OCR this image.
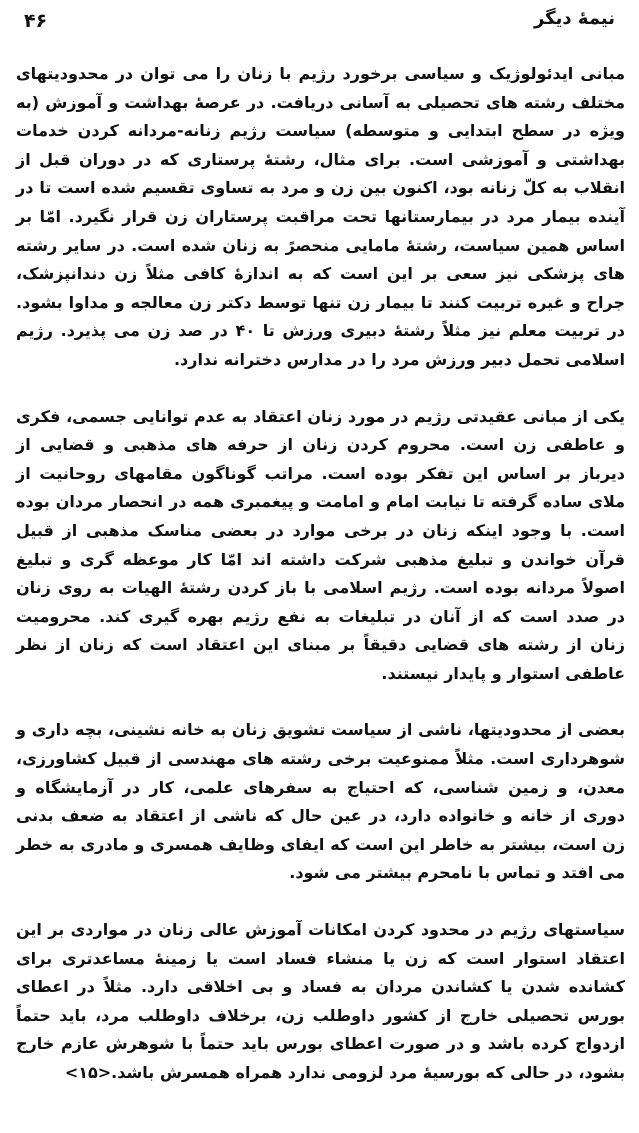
۴۶	نیمهٔ دیگر

مبانی ایدئولوژیک و سیاسی برخورد رژیم با زنان را می توان در محدودیتهای مختلف رشته های تحصیلی به آسانی دریافت. در عرصهٔ بهداشت و آموزش (به ویژه در سطح ابتدایی و متوسطه) سیاست رژیم زنانه-مردانه کردن خدمات بهداشتی و آموزشی است. برای مثال، رشتهٔ پرستاری که در دوران قبل از انقلاب به کلّ زنانه بود، اکنون بین زن و مرد به تساوی تقسیم شده است تا در آینده بیمار مرد در بیمارستانها تحت مراقبت پرستاران زن قرار نگیرد. امّا بر اساس همین سیاست، رشتهٔ مامایی منحصرً به زنان شده است. در سایر رشته های پزشکی نیز سعی بر این است که به اندازهٔ کافی مثلاً زن دندانپزشک، جراح و غیره تربیت کنند تا بیمار زن تنها توسط دکتر زن معالجه و مداوا بشود. در تربیت معلم نیز مثلاً رشتهٔ دبیری ورزش تا ۴۰ در صد زن می پذیرد. رژیم اسلامی تحمل دبیر ورزش مرد را در مدارس دخترانه ندارد.

یکی از مبانی عقیدتی رژیم در مورد زنان اعتقاد به عدم توانایی جسمی، فکری و عاطفی زن است. محروم کردن زنان از حرفه های مذهبی و قضایی از دیرباز بر اساس این تفکر بوده است. مراتب گوناگون مقامهای روحانیت از ملای ساده گرفته تا نیابت امام و امامت و پیغمبری همه در انحصار مردان بوده است. با وجود اینکه زنان در برخی موارد در بعضی مناسک مذهبی از قبیل قرآن خواندن و تبلیغ مذهبی شرکت داشته اند امّا کار موعظه گری و تبلیغ اصولاً مردانه بوده است. رژیم اسلامی با باز کردن رشتهٔ الهیات به روی زنان در صدد است که از آنان در تبلیغات به نفع رژیم بهره گیری کند. محرومیت زنان از رشته های قضایی دقیقاً بر مبنای این اعتقاد است که زنان از نظر عاطفی استوار و پایدار نیستند.

بعضی از محدودیتها، ناشی از سیاست تشویق زنان به خانه نشینی، بچه داری و شوهرداری است. مثلاً ممنوعیت برخی رشته های مهندسی از قبیل کشاورزی، معدن، و زمین شناسی، که احتیاج به سفرهای علمی، کار در آزمایشگاه و دوری از خانه و خانواده دارد، در عین حال که ناشی از اعتقاد به ضعف بدنی زن است، بیشتر به خاطر این است که ایفای وظایف همسری و مادری به خطر می افتد و تماس با نامحرم بیشتر می شود.

سیاستهای رژیم در محدود کردن امکانات آموزش عالی زنان در مواردی بر این اعتقاد استوار است که زن یا منشاء فساد است یا زمینهٔ مساعدتری برای کشانده شدن یا کشاندن مردان به فساد و بی اخلاقی دارد. مثلاً در اعطای بورس تحصیلی خارج از کشور داوطلب زن، برخلاف داوطلب مرد، باید حتماً ازدواج کرده باشد و در صورت اعطای بورس باید حتماً با شوهرش عازم خارج بشود، در حالی که بورسیهٔ مرد لزومی ندارد همراه همسرش باشد.<۱۵>
